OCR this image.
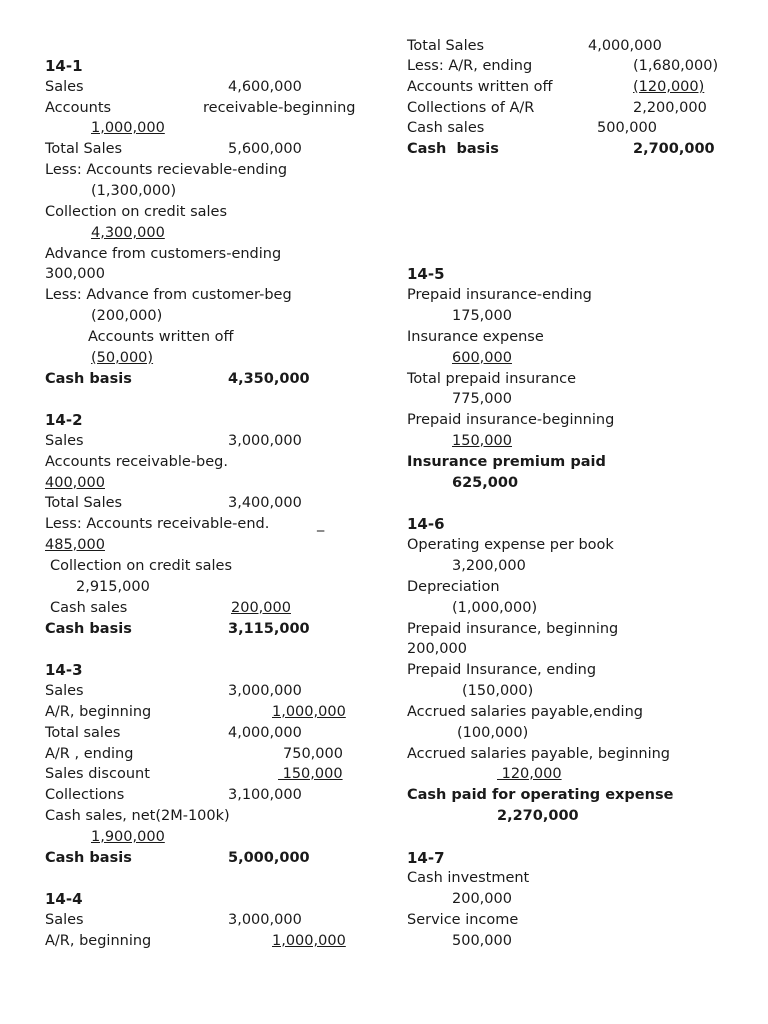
14-1
Sales	4,600,000
Accounts	receivable-beginning
1,000,000
Total Sales	5,600,000
Less: Accounts recievable-ending
(1,300,000)
Collection on credit sales
4,300,000
Advance from customers-ending
300,000
Less: Advance from customer-beg
(200,000)
Accounts written off
(50,000)
Cash basis	4,350,000
14-2
Sales	3,000,000
Accounts receivable-beg.
400,000
Total Sales	3,400,000
Less: Accounts receivable-end.	_
485,000
Collection on credit sales
2,915,000
Cash sales	200,000
Cash basis	3,115,000
14-3
Sales	3,000,000
A/R, beginning	1,000,000
Total sales	4,000,000
A/R , ending	750,000
Sales discount	150,000
Collections	3,100,000
Cash sales, net(2M-100k)
1,900,000
Cash basis	5,000,000
14-4
Sales	3,000,000
A/R, beginning	1,000,000
Total Sales	4,000,000
Less: A/R, ending	(1,680,000)
Accounts written off	(120,000)
Collections of A/R	2,200,000
Cash sales	500,000
Cash  basis	2,700,000
14-5
Prepaid insurance-ending
175,000
Insurance expense
600,000
Total prepaid insurance
775,000
Prepaid insurance-beginning
150,000
Insurance premium paid
625,000
14-6
Operating expense per book
3,200,000
Depreciation
(1,000,000)
Prepaid insurance, beginning
200,000
Prepaid Insurance, ending
(150,000)
Accrued salaries payable,ending
(100,000)
Accrued salaries payable, beginning
120,000
Cash paid for operating expense
2,270,000
14-7
Cash investment
200,000
Service income
500,000
